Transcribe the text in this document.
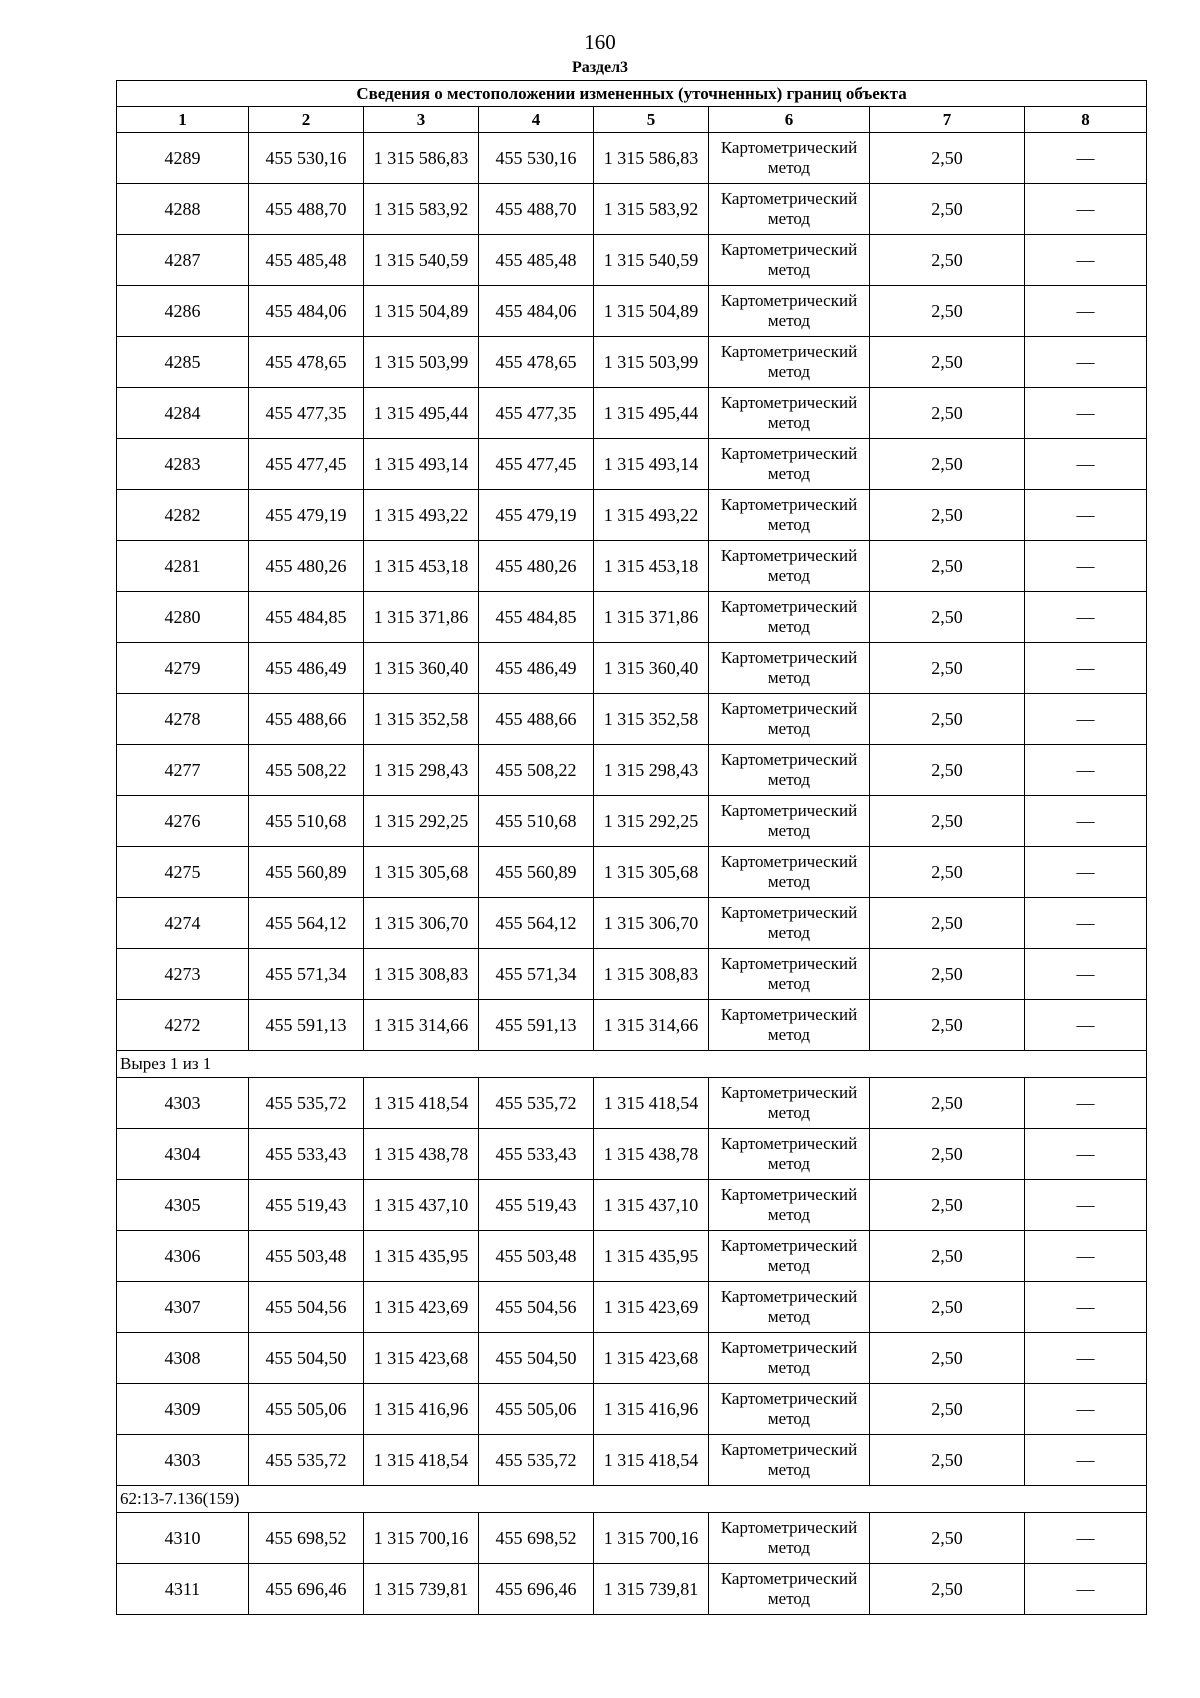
160
Раздел3
Сведения о местоположении измененных (уточненных) границ объекта							
1	2	3	4	5	6	7	8
4289	455 530,16	1 315 586,83	455 530,16	1 315 586,83	Картометрический метод	2,50	—
4288	455 488,70	1 315 583,92	455 488,70	1 315 583,92	Картометрический метод	2,50	—
4287	455 485,48	1 315 540,59	455 485,48	1 315 540,59	Картометрический метод	2,50	—
4286	455 484,06	1 315 504,89	455 484,06	1 315 504,89	Картометрический метод	2,50	—
4285	455 478,65	1 315 503,99	455 478,65	1 315 503,99	Картометрический метод	2,50	—
4284	455 477,35	1 315 495,44	455 477,35	1 315 495,44	Картометрический метод	2,50	—
4283	455 477,45	1 315 493,14	455 477,45	1 315 493,14	Картометрический метод	2,50	—
4282	455 479,19	1 315 493,22	455 479,19	1 315 493,22	Картометрический метод	2,50	—
4281	455 480,26	1 315 453,18	455 480,26	1 315 453,18	Картометрический метод	2,50	—
4280	455 484,85	1 315 371,86	455 484,85	1 315 371,86	Картометрический метод	2,50	—
4279	455 486,49	1 315 360,40	455 486,49	1 315 360,40	Картометрический метод	2,50	—
4278	455 488,66	1 315 352,58	455 488,66	1 315 352,58	Картометрический метод	2,50	—
4277	455 508,22	1 315 298,43	455 508,22	1 315 298,43	Картометрический метод	2,50	—
4276	455 510,68	1 315 292,25	455 510,68	1 315 292,25	Картометрический метод	2,50	—
4275	455 560,89	1 315 305,68	455 560,89	1 315 305,68	Картометрический метод	2,50	—
4274	455 564,12	1 315 306,70	455 564,12	1 315 306,70	Картометрический метод	2,50	—
4273	455 571,34	1 315 308,83	455 571,34	1 315 308,83	Картометрический метод	2,50	—
4272	455 591,13	1 315 314,66	455 591,13	1 315 314,66	Картометрический метод	2,50	—
Вырез 1 из 1							
4303	455 535,72	1 315 418,54	455 535,72	1 315 418,54	Картометрический метод	2,50	—
4304	455 533,43	1 315 438,78	455 533,43	1 315 438,78	Картометрический метод	2,50	—
4305	455 519,43	1 315 437,10	455 519,43	1 315 437,10	Картометрический метод	2,50	—
4306	455 503,48	1 315 435,95	455 503,48	1 315 435,95	Картометрический метод	2,50	—
4307	455 504,56	1 315 423,69	455 504,56	1 315 423,69	Картометрический метод	2,50	—
4308	455 504,50	1 315 423,68	455 504,50	1 315 423,68	Картометрический метод	2,50	—
4309	455 505,06	1 315 416,96	455 505,06	1 315 416,96	Картометрический метод	2,50	—
4303	455 535,72	1 315 418,54	455 535,72	1 315 418,54	Картометрический метод	2,50	—
62:13-7.136(159)							
4310	455 698,52	1 315 700,16	455 698,52	1 315 700,16	Картометрический метод	2,50	—
4311	455 696,46	1 315 739,81	455 696,46	1 315 739,81	Картометрический метод	2,50	—
